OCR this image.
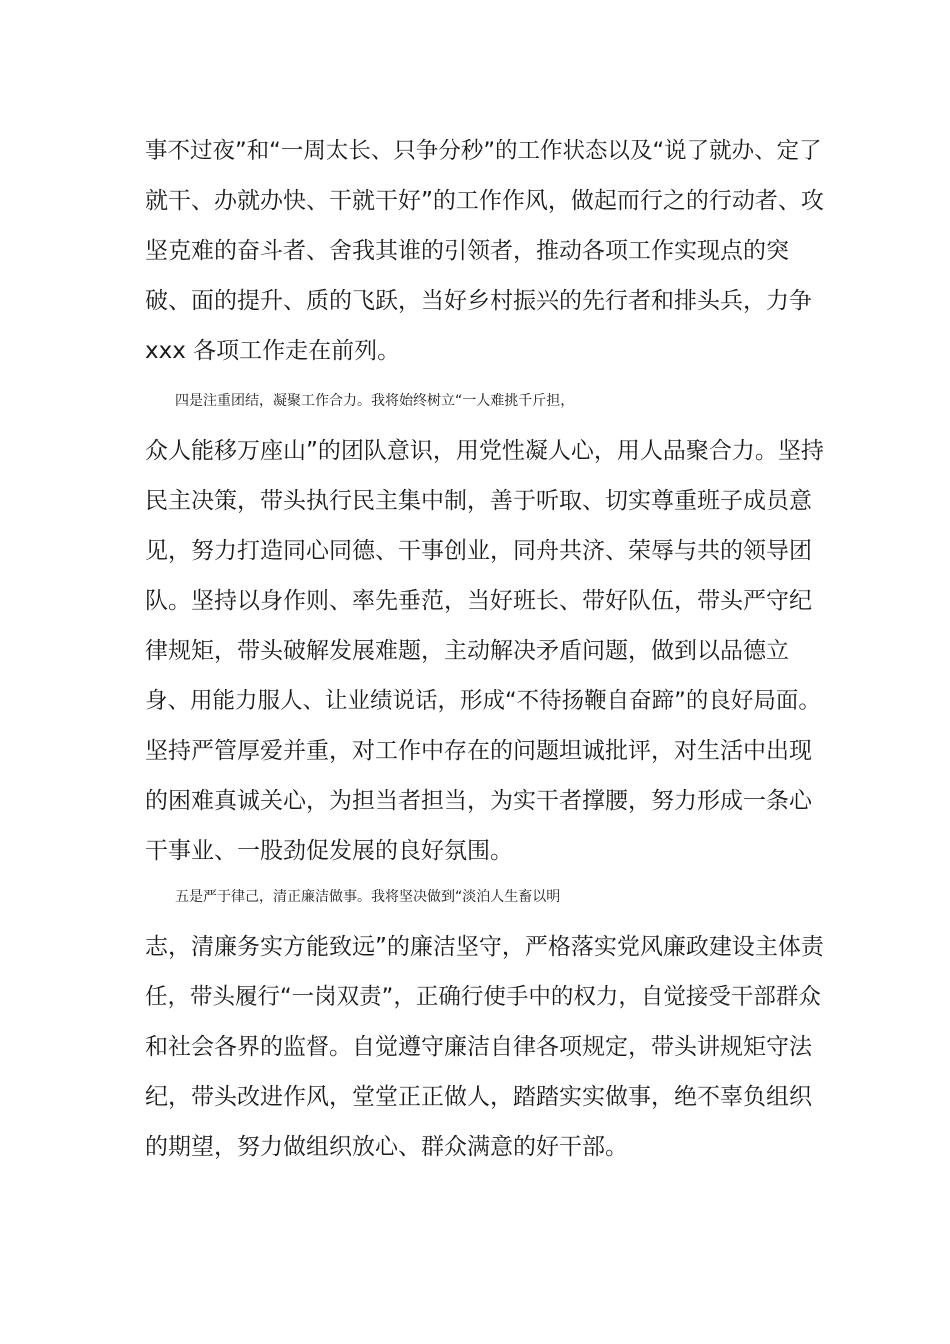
事不过夜”和“一周太长、只争分秒”的工作状态以及“说了就办、定了
就干、办就办快、干就干好”的工作作风，做起而行之的行动者、攻
坚克难的奋斗者、舍我其谁的引领者，推动各项工作实现点的突
破、面的提升、质的飞跃，当好乡村振兴的先行者和排头兵，力争
xxx 各项工作走在前列。
四是注重团结，凝聚工作合力。我将始终树立“一人难挑千斤担，
众人能移万座山”的团队意识，用党性凝人心，用人品聚合力。坚持
民主决策，带头执行民主集中制，善于听取、切实尊重班子成员意
见，努力打造同心同德、干事创业，同舟共济、荣辱与共的领导团
队。坚持以身作则、率先垂范，当好班长、带好队伍，带头严守纪
律规矩，带头破解发展难题，主动解决矛盾问题，做到以品德立
身、用能力服人、让业绩说话，形成“不待扬鞭自奋蹄”的良好局面。
坚持严管厚爱并重，对工作中存在的问题坦诚批评，对生活中出现
的困难真诚关心，为担当者担当，为实干者撑腰，努力形成一条心
干事业、一股劲促发展的良好氛围。
五是严于律己，清正廉洁做事。我将坚决做到“淡泊人生畜以明
志，清廉务实方能致远”的廉洁坚守，严格落实党风廉政建设主体责
任，带头履行“一岗双责”，正确行使手中的权力，自觉接受干部群众
和社会各界的监督。自觉遵守廉洁自律各项规定，带头讲规矩守法
纪，带头改进作风，堂堂正正做人，踏踏实实做事，绝不辜负组织
的期望，努力做组织放心、群众满意的好干部。
